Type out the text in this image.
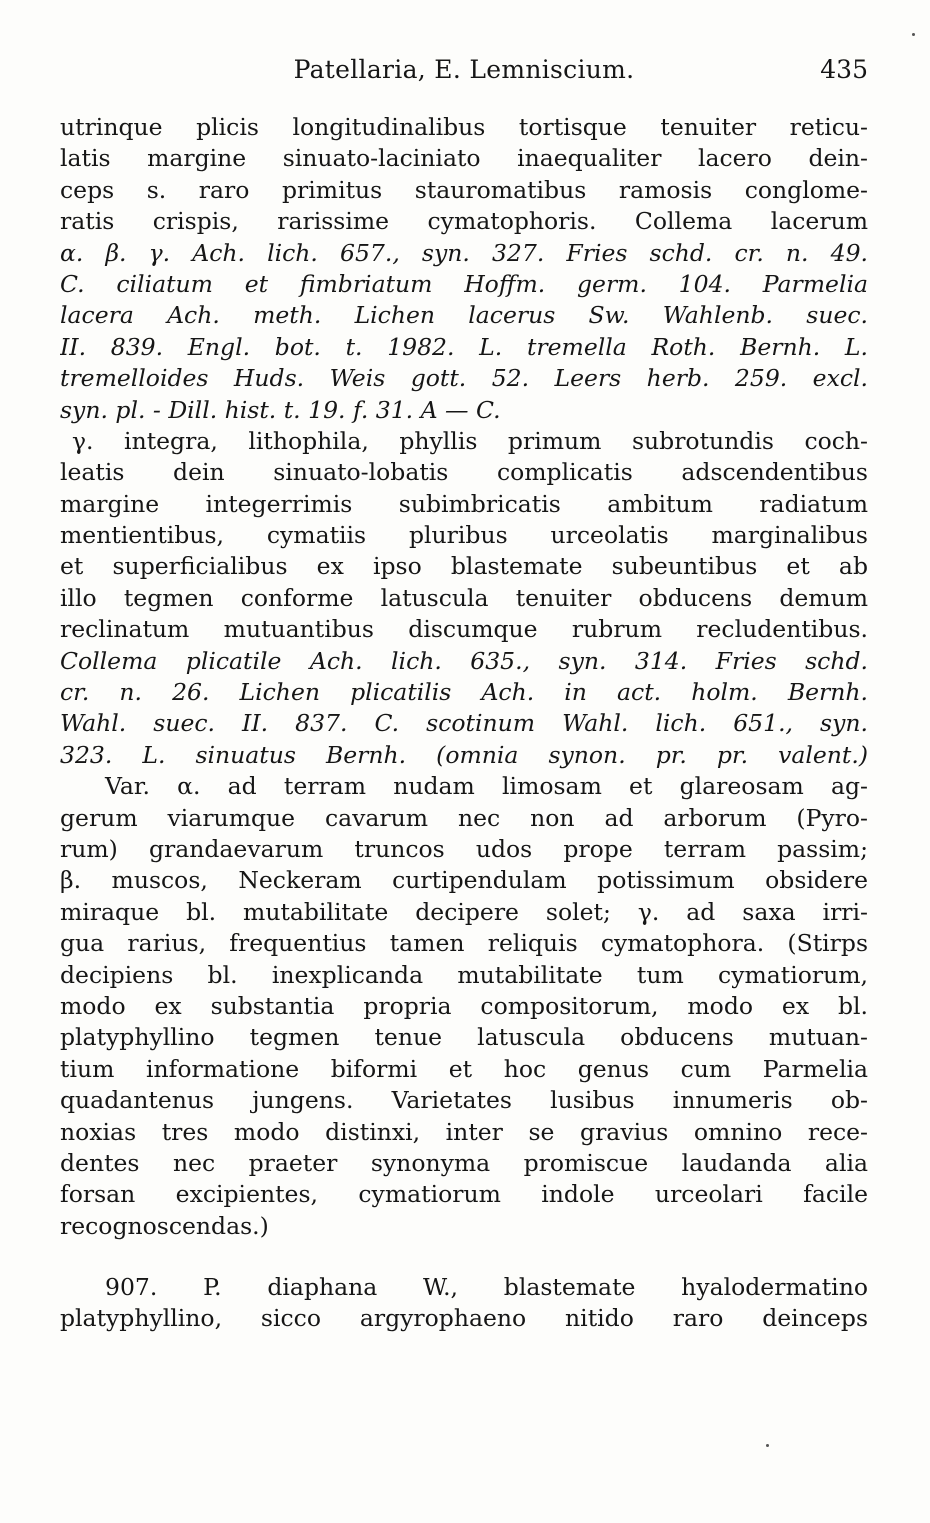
Patellaria, E. Lemniscium.	435
utrinque plicis longitudinalibus tortisque tenuiter reticu-
latis margine sinuato-laciniato inaequaliter lacero dein-
ceps s. raro primitus stauromatibus ramosis conglome-
ratis crispis, rarissime cymatophoris. Collema lacerum
α. β. γ. Ach. lich. 657., syn. 327. Fries schd. cr. n. 49.
C. ciliatum et fimbriatum Hoffm. germ. 104. Parmelia
lacera Ach. meth. Lichen lacerus Sw. Wahlenb. suec.
II. 839. Engl. bot. t. 1982. L. tremella Roth. Bernh. L.
tremelloides Huds. Weis gott. 52. Leers herb. 259. excl.
syn. pl. - Dill. hist. t. 19. f. 31. A — C.
γ. integra, lithophila, phyllis primum subrotundis coch-
leatis dein sinuato-lobatis complicatis adscendentibus
margine integerrimis subimbricatis ambitum radiatum
mentientibus, cymatiis pluribus urceolatis marginalibus
et superficialibus ex ipso blastemate subeuntibus et ab
illo tegmen conforme latuscula tenuiter obducens demum
reclinatum mutuantibus discumque rubrum recludentibus.
Collema plicatile Ach. lich. 635., syn. 314. Fries schd.
cr. n. 26. Lichen plicatilis Ach. in act. holm. Bernh.
Wahl. suec. II. 837. C. scotinum Wahl. lich. 651., syn.
323. L. sinuatus Bernh. (omnia synon. pr. pr. valent.)
Var. α. ad terram nudam limosam et glareosam ag-
gerum viarumque cavarum nec non ad arborum (Pyro-
rum) grandaevarum truncos udos prope terram passim;
β. muscos, Neckeram curtipendulam potissimum obsidere
miraque bl. mutabilitate decipere solet; γ. ad saxa irri-
gua rarius, frequentius tamen reliquis cymatophora. (Stirps
decipiens bl. inexplicanda mutabilitate tum cymatiorum,
modo ex substantia propria compositorum, modo ex bl.
platyphyllino tegmen tenue latuscula obducens mutuan-
tium informatione biformi et hoc genus cum Parmelia
quadantenus jungens. Varietates lusibus innumeris ob-
noxias tres modo distinxi, inter se gravius omnino rece-
dentes nec praeter synonyma promiscue laudanda alia
forsan excipientes, cymatiorum indole urceolari facile
recognoscendas.)
907. P. diaphana W., blastemate hyalodermatino
platyphyllino, sicco argyrophaeno nitido raro deinceps
